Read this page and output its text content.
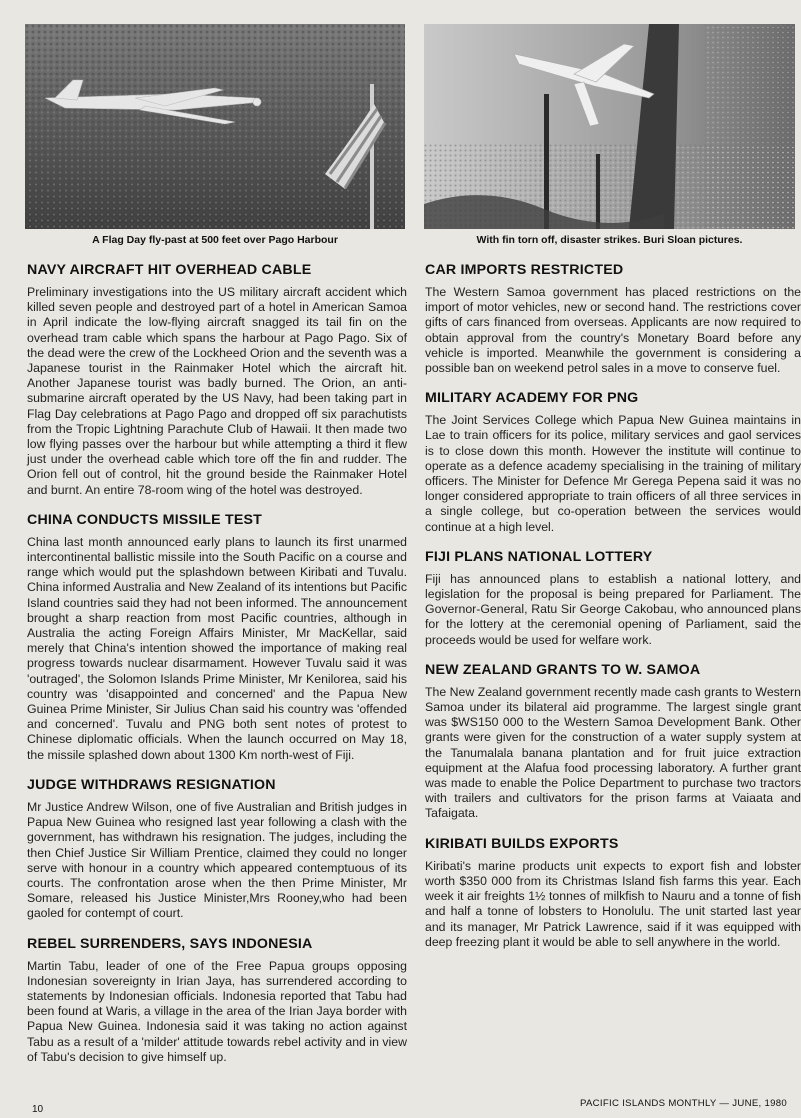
A Flag Day fly-past at 500 feet over Pago Harbour	With fin torn off, disaster strikes. Buri Sloan pictures.
NAVY AIRCRAFT HIT OVERHEAD CABLE

Preliminary investigations into the US military aircraft accident which killed seven people and destroyed part of a hotel in American Samoa in April indicate the low-flying aircraft snagged its tail fin on the overhead tram cable which spans the harbour at Pago Pago. Six of the dead were the crew of the Lockheed Orion and the seventh was a Japanese tourist in the Rainmaker Hotel which the aircraft hit. Another Japanese tourist was badly burned. The Orion, an anti-submarine aircraft operated by the US Navy, had been taking part in Flag Day celebrations at Pago Pago and dropped off six parachutists from the Tropic Lightning Parachute Club of Hawaii. It then made two low flying passes over the harbour but while attempting a third it flew just under the overhead cable which tore off the fin and rudder. The Orion fell out of control, hit the ground beside the Rainmaker Hotel and burnt. An entire 78-room wing of the hotel was destroyed.

CHINA CONDUCTS MISSILE TEST

China last month announced early plans to launch its first unarmed intercontinental ballistic missile into the South Pacific on a course and range which would put the splashdown between Kiribati and Tuvalu. China informed Australia and New Zealand of its intentions but Pacific Island countries said they had not been informed. The announcement brought a sharp reaction from most Pacific countries, although in Australia the acting Foreign Affairs Minister, Mr MacKellar, said merely that China's intention showed the importance of making real progress towards nuclear disarmament. However Tuvalu said it was 'outraged', the Solomon Islands Prime Minister, Mr Kenilorea, said his country was 'disappointed and concerned' and the Papua New Guinea Prime Minister, Sir Julius Chan said his country was 'offended and concerned'. Tuvalu and PNG both sent notes of protest to Chinese diplomatic officials. When the launch occurred on May 18, the missile splashed down about 1300 Km north-west of Fiji.

JUDGE WITHDRAWS RESIGNATION

Mr Justice Andrew Wilson, one of five Australian and British judges in Papua New Guinea who resigned last year following a clash with the government, has withdrawn his resignation. The judges, including the then Chief Justice Sir William Prentice, claimed they could no longer serve with honour in a country which appeared contemptuous of its courts. The confrontation arose when the then Prime Minister, Mr Somare, released his Justice Minister,Mrs Rooney,who had been gaoled for contempt of court.

REBEL SURRENDERS, SAYS INDONESIA

Martin Tabu, leader of one of the Free Papua groups opposing Indonesian sovereignty in Irian Jaya, has surrendered according to statements by Indonesian officials. Indonesia reported that Tabu had been found at Waris, a village in the area of the Irian Jaya border with Papua New Guinea. Indonesia said it was taking no action against Tabu as a result of a 'milder' attitude towards rebel activity and in view of Tabu's decision to give himself up.

CAR IMPORTS RESTRICTED

The Western Samoa government has placed restrictions on the import of motor vehicles, new or second hand. The restrictions cover gifts of cars financed from overseas. Applicants are now required to obtain approval from the country's Monetary Board before any vehicle is imported. Meanwhile the government is considering a possible ban on weekend petrol sales in a move to conserve fuel.

MILITARY ACADEMY FOR PNG

The Joint Services College which Papua New Guinea maintains in Lae to train officers for its police, military services and gaol services is to close down this month. However the institute will continue to operate as a defence academy specialising in the training of military officers. The Minister for Defence Mr Gerega Pepena said it was no longer considered appropriate to train officers of all three services in a single college, but co-operation between the services would continue at a high level.

FIJI PLANS NATIONAL LOTTERY

Fiji has announced plans to establish a national lottery, and legislation for the proposal is being prepared for Parliament. The Governor-General, Ratu Sir George Cakobau, who announced plans for the lottery at the ceremonial opening of Parliament, said the proceeds would be used for welfare work.

NEW ZEALAND GRANTS TO W. SAMOA

The New Zealand government recently made cash grants to Western Samoa under its bilateral aid programme. The largest single grant was $WS150 000 to the Western Samoa Development Bank. Other grants were given for the construction of a water supply system at the Tanumalala banana plantation and for fruit juice extraction equipment at the Alafua food processing laboratory. A further grant was made to enable the Police Department to purchase two tractors with trailers and cultivators for the prison farms at Vaiaata and Tafaigata.

KIRIBATI BUILDS EXPORTS

Kiribati's marine products unit expects to export fish and lobster worth $350 000 from its Christmas Island fish farms this year. Each week it air freights 1½ tonnes of milkfish to Nauru and a tonne of fish and half a tonne of lobsters to Honolulu. The unit started last year and its manager, Mr Patrick Lawrence, said if it was equipped with deep freezing plant it would be able to sell anywhere in the world.

10
PACIFIC ISLANDS MONTHLY — JUNE, 1980
